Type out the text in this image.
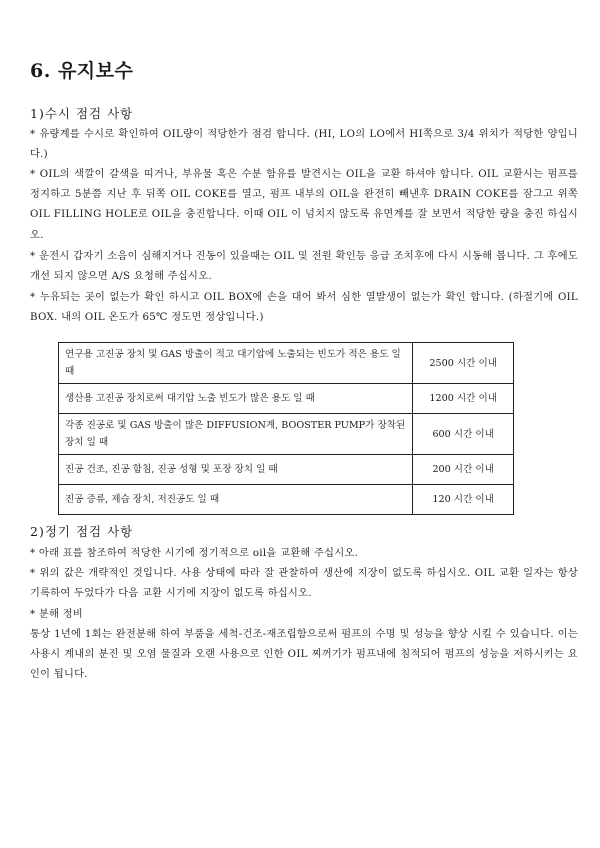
6. 유지보수
1)수시 점검 사항
* 유량계를 수시로 확인하여 OIL량이 적당한가 점검 합니다. (HI, LO의 LO에서 HI쪽으로 3/4 위치가 적당한 양입니다.)
* OIL의 색깔이 갈색을 띠거나, 부유물 혹은 수분 함유를 발견시는 OIL을 교환 하셔야 합니다. OIL 교환시는 펌프를 정지하고 5분쯤 지난 후 뒤쪽 OIL COKE를 열고, 펌프 내부의 OIL을 완전히 빼낸후 DRAIN COKE를 잠그고 위쪽 OIL FILLING HOLE로 OIL을 충진합니다. 이때 OIL 이 넘치지 않도록 유면계를 잘 보면서 적당한 량을 충진 하십시오.
* 운전시 갑자기 소음이 심해지거나 진동이 있을때는 OIL 및 전원 확인등 응급 조치후에 다시 시동해 봅니다. 그 후에도 개선 되지 않으면 A/S 요청해 주십시오.
* 누유되는 곳이 없는가 확인 하시고 OIL BOX에 손을 대어 봐서 심한 열발생이 없는가 확인 합니다. (하절기에 OIL BOX. 내의 OIL 온도가 65℃ 정도면 정상입니다.)
연구용 고진공 장치 및 GAS 방출이 적고 대기압에 노출되는 빈도가 적은 용도 일 때	2500 시간 이내
생산용 고진공 장치로써 대기압 노출 빈도가 많은 용도 일 때	1200 시간 이내
각종 진공로 및 GAS 방출이 많은 DIFFUSION계, BOOSTER PUMP가 장착된 장치 일 때	600 시간 이내
진공 건조, 진공 함침, 진공 성형 및 포장 장치 일 때	200 시간 이내
진공 증류, 제습 장치, 저진공도 일 때	120 시간 이내
2)정기 점검 사항
* 아래 표를 참조하여 적당한 시기에 정기적으로 oil을 교환해 주십시오.
* 위의 값은 개략적인 것입니다. 사용 상태에 따라 잘 관찰하여 생산에 지장이 없도록 하십시오. OIL 교환 일자는 항상 기록하여 두었다가 다음 교환 시기에 지장이 없도록 하십시오.
* 분해 정비
통상 1년에 1회는 완전분해 하여 부품을 세척-건조-재조립함으로써 펌프의 수명 및 성능을 향상 시킬 수 있습니다. 이는 사용시 계내의 분진 및 오염 물질과 오랜 사용으로 인한 OIL 찌꺼기가 펌프내에 침적되어 펌프의 성능을 저하시키는 요인이 됩니다.
